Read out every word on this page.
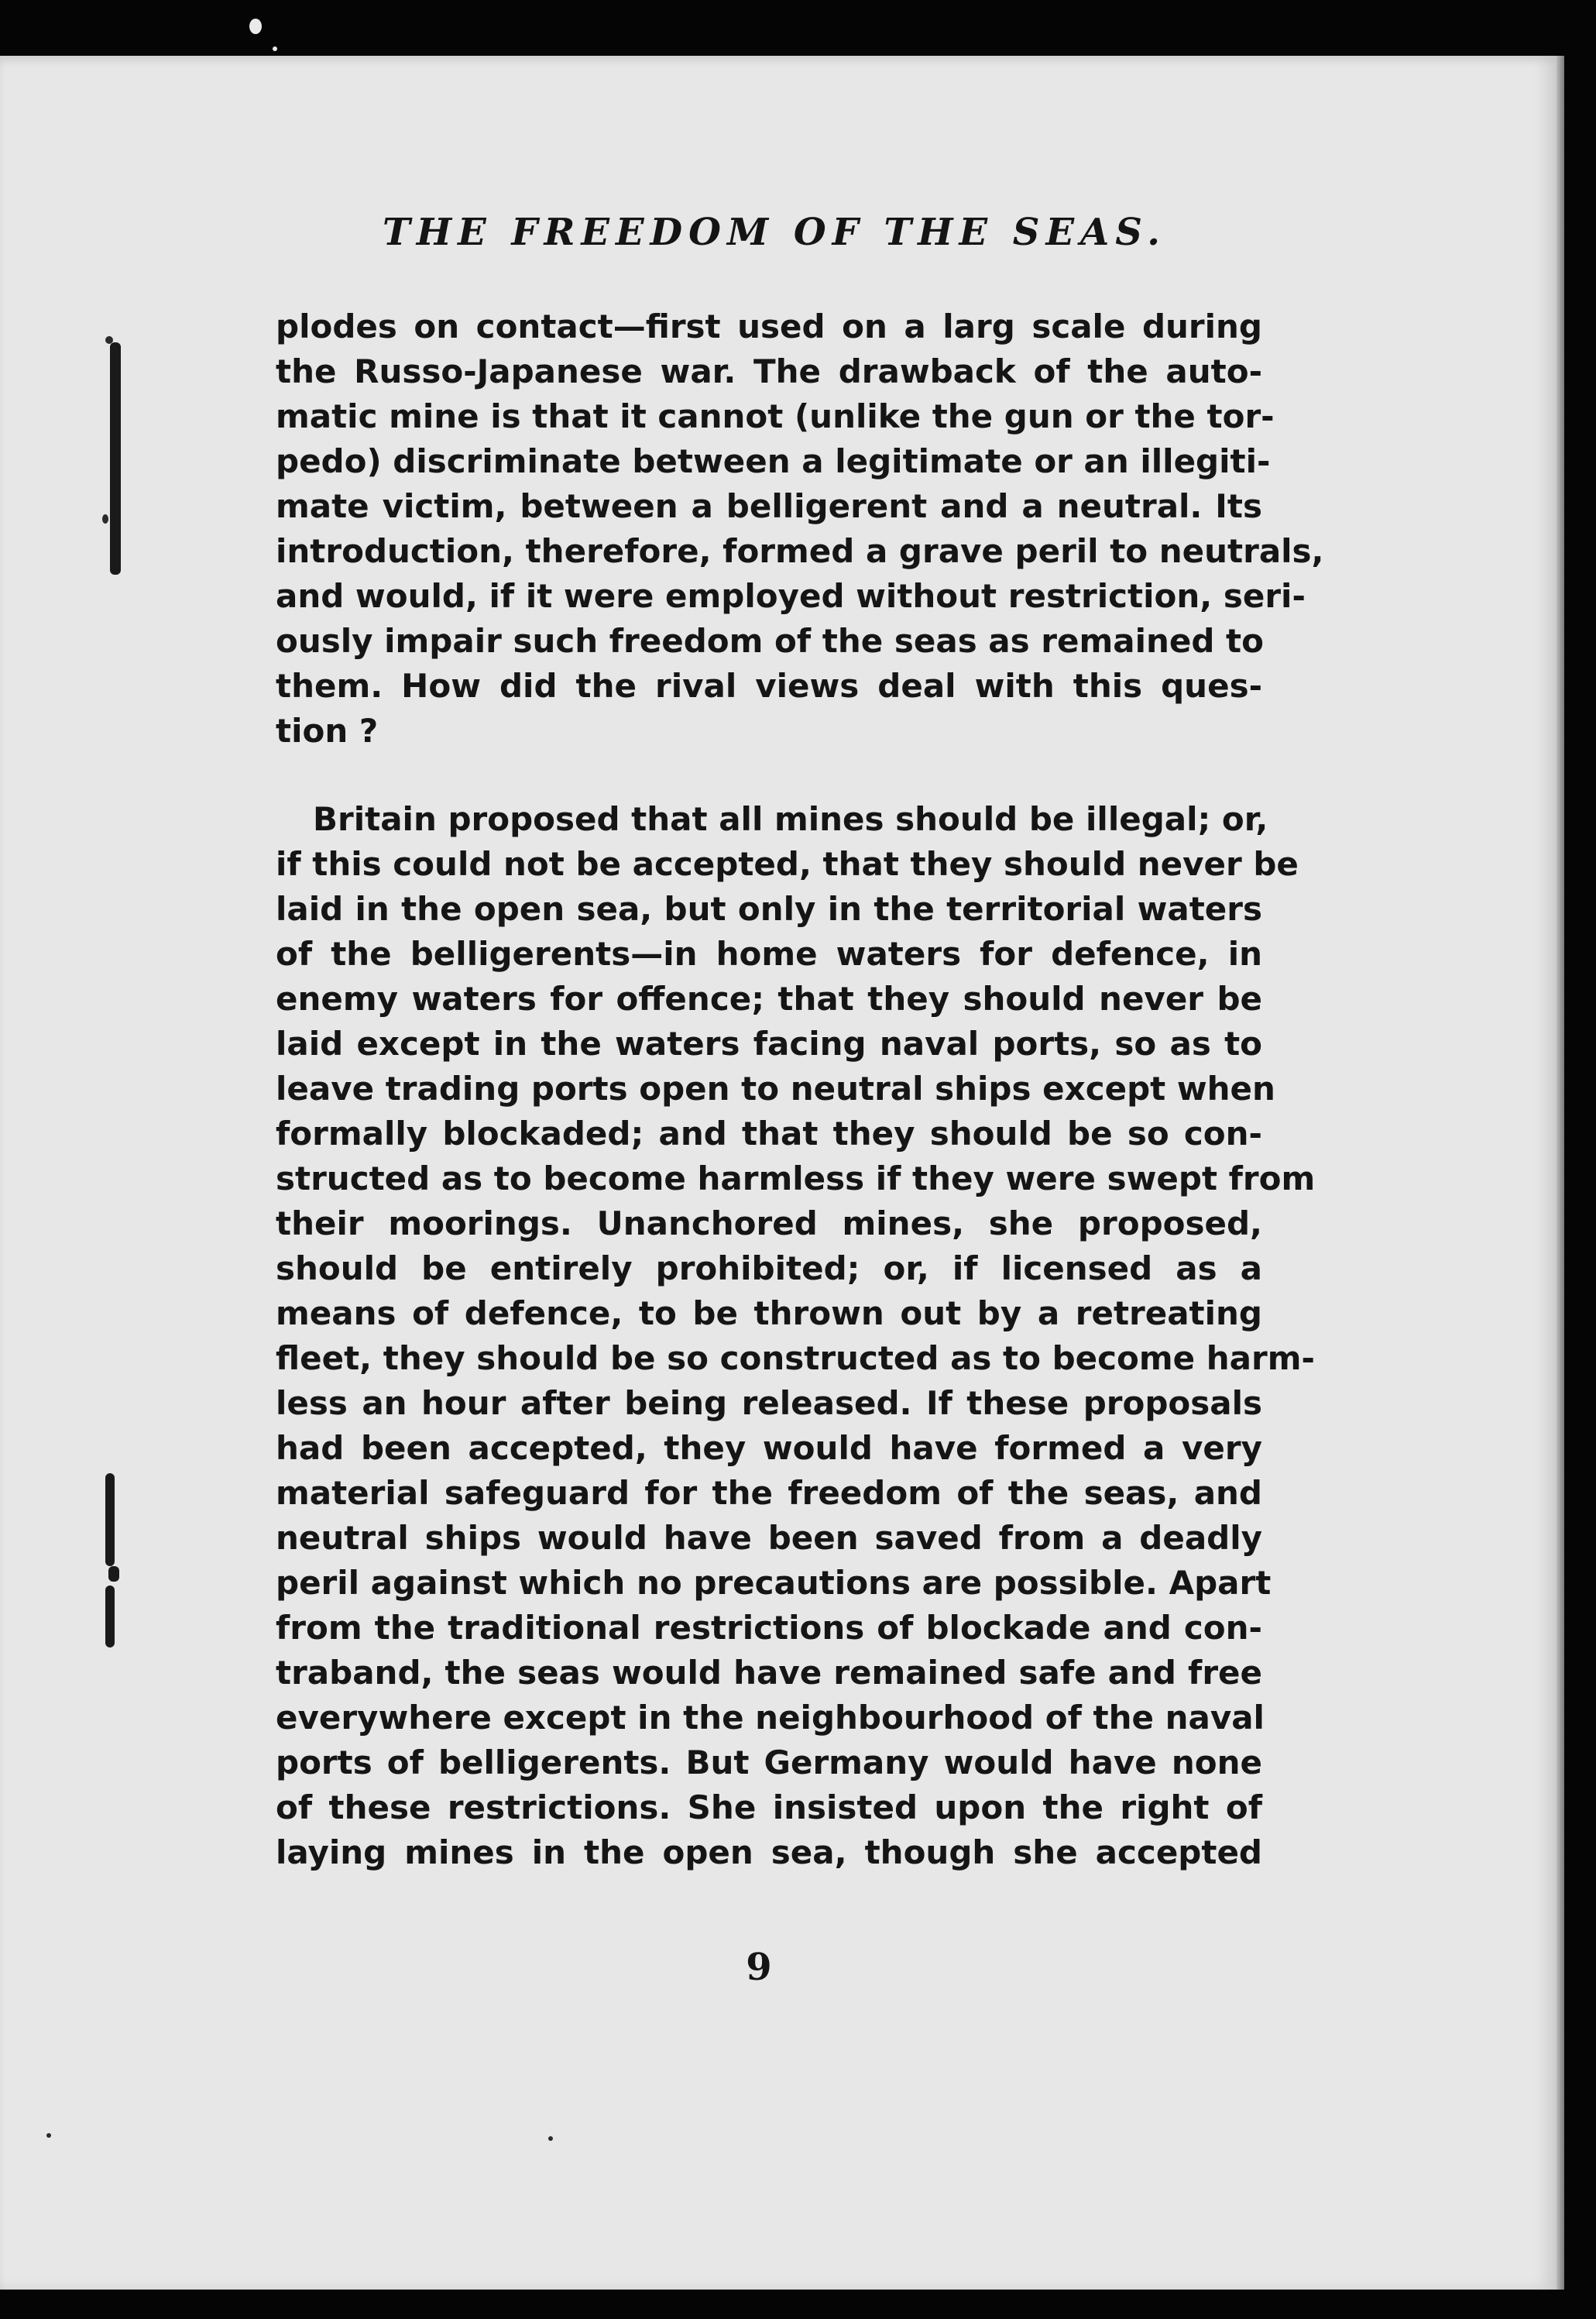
THE FREEDOM OF THE SEAS.

plodes on contact—first used on a larg scale during

the Russo-Japanese war. The drawback of the auto-

matic mine is that it cannot (unlike the gun or the tor-

pedo) discriminate between a legitimate or an illegiti-

mate victim, between a belligerent and a neutral. Its

introduction, therefore, formed a grave peril to neutrals,

and would, if it were employed without restriction, seri-

ously impair such freedom of the seas as remained to

them. How did the rival views deal with this ques-

tion ?

Britain proposed that all mines should be illegal; or,

if this could not be accepted, that they should never be

laid in the open sea, but only in the territorial waters

of the belligerents—in home waters for defence, in

enemy waters for offence; that they should never be

laid except in the waters facing naval ports, so as to

leave trading ports open to neutral ships except when

formally blockaded; and that they should be so con-

structed as to become harmless if they were swept from

their moorings. Unanchored mines, she proposed,

should be entirely prohibited; or, if licensed as a

means of defence, to be thrown out by a retreating

fleet, they should be so constructed as to become harm-

less an hour after being released. If these proposals

had been accepted, they would have formed a very

material safeguard for the freedom of the seas, and

neutral ships would have been saved from a deadly

peril against which no precautions are possible. Apart

from the traditional restrictions of blockade and con-

traband, the seas would have remained safe and free

everywhere except in the neighbourhood of the naval

ports of belligerents. But Germany would have none

of these restrictions. She insisted upon the right of

laying mines in the open sea, though she accepted

9
